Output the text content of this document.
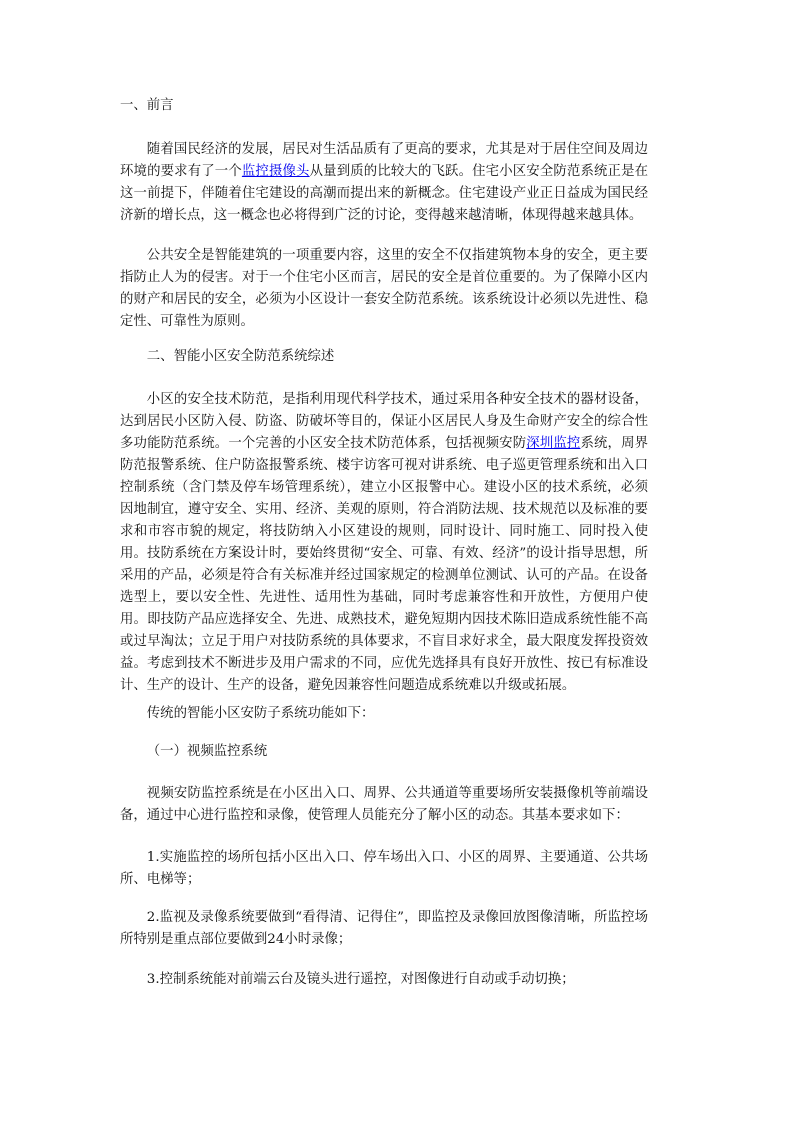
一、前言
随着国民经济的发展，居民对生活品质有了更高的要求，尤其是对于居住空间及周边环境的要求有了一个监控摄像头从量到质的比较大的飞跃。住宅小区安全防范系统正是在这一前提下，伴随着住宅建设的高潮而提出来的新概念。住宅建设产业正日益成为国民经济新的增长点，这一概念也必将得到广泛的讨论，变得越来越清晰，体现得越来越具体。
公共安全是智能建筑的一项重要内容，这里的安全不仅指建筑物本身的安全，更主要指防止人为的侵害。对于一个住宅小区而言，居民的安全是首位重要的。为了保障小区内的财产和居民的安全，必须为小区设计一套安全防范系统。该系统设计必须以先进性、稳定性、可靠性为原则。
二、智能小区安全防范系统综述
小区的安全技术防范，是指利用现代科学技术，通过采用各种安全技术的器材设备，达到居民小区防入侵、防盗、防破坏等目的，保证小区居民人身及生命财产安全的综合性多功能防范系统。一个完善的小区安全技术防范体系，包括视频安防深圳监控系统，周界防范报警系统、住户防盗报警系统、楼宇访客可视对讲系统、电子巡更管理系统和出入口控制系统（含门禁及停车场管理系统），建立小区报警中心。建设小区的技术系统，必须因地制宜，遵守安全、实用、经济、美观的原则，符合消防法规、技术规范以及标准的要求和市容市貌的规定，将技防纳入小区建设的规则，同时设计、同时施工、同时投入使用。技防系统在方案设计时，要始终贯彻“安全、可靠、有效、经济”的设计指导思想，所采用的产品，必须是符合有关标准并经过国家规定的检测单位测试、认可的产品。在设备选型上，要以安全性、先进性、适用性为基础，同时考虑兼容性和开放性，方便用户使用。即技防产品应选择安全、先进、成熟技术，避免短期内因技术陈旧造成系统性能不高或过早淘汰；立足于用户对技防系统的具体要求，不盲目求好求全，最大限度发挥投资效益。考虑到技术不断进步及用户需求的不同，应优先选择具有良好开放性、按已有标准设计、生产的设计、生产的设备，避免因兼容性问题造成系统难以升级或拓展。
传统的智能小区安防子系统功能如下：
（一）视频监控系统
视频安防监控系统是在小区出入口、周界、公共通道等重要场所安装摄像机等前端设备，通过中心进行监控和录像，使管理人员能充分了解小区的动态。其基本要求如下：
1.实施监控的场所包括小区出入口、停车场出入口、小区的周界、主要通道、公共场所、电梯等；
2.监视及录像系统要做到“看得清、记得住”，即监控及录像回放图像清晰，所监控场所特别是重点部位要做到24小时录像；
3.控制系统能对前端云台及镜头进行遥控，对图像进行自动或手动切换；
